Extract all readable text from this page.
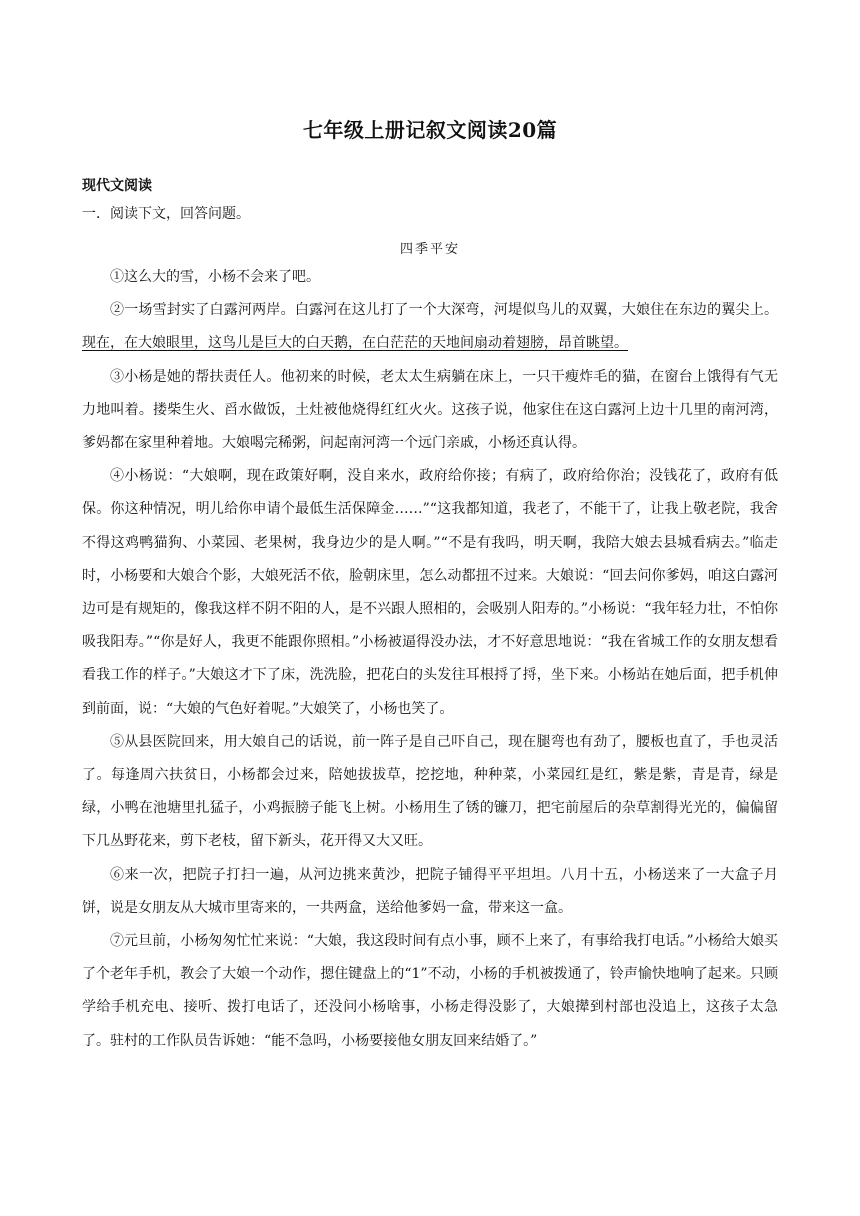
七年级上册记叙文阅读20篇
现代文阅读
一．阅读下文，回答问题。
四季平安

①这么大的雪，小杨不会来了吧。

②一场雪封实了白露河两岸。白露河在这儿打了一个大深弯，河堤似鸟儿的双翼，大娘住在东边的翼尖上。现在，在大娘眼里，这鸟儿是巨大的白天鹅，在白茫茫的天地间扇动着翅膀，昂首眺望。

③小杨是她的帮扶责任人。他初来的时候，老太太生病躺在床上，一只干瘦炸毛的猫，在窗台上饿得有气无力地叫着。搂柴生火、舀水做饭，土灶被他烧得红红火火。这孩子说，他家住在这白露河上边十几里的南河湾，爹妈都在家里种着地。大娘喝完稀粥，问起南河湾一个远门亲戚，小杨还真认得。

④小杨说：“大娘啊，现在政策好啊，没自来水，政府给你接；有病了，政府给你治；没钱花了，政府有低保。你这种情况，明儿给你申请个最低生活保障金……”“这我都知道，我老了，不能干了，让我上敬老院，我舍不得这鸡鸭猫狗、小菜园、老果树，我身边少的是人啊。”“不是有我吗，明天啊，我陪大娘去县城看病去。”临走时，小杨要和大娘合个影，大娘死活不依，脸朝床里，怎么动都扭不过来。大娘说：“回去问你爹妈，咱这白露河边可是有规矩的，像我这样不阴不阳的人，是不兴跟人照相的，会吸别人阳寿的。”小杨说：“我年轻力壮，不怕你吸我阳寿。”“你是好人，我更不能跟你照相。”小杨被逼得没办法，才不好意思地说：“我在省城工作的女朋友想看看我工作的样子。”大娘这才下了床，洗洗脸，把花白的头发往耳根捋了捋，坐下来。小杨站在她后面，把手机伸到前面，说：“大娘的气色好着呢。”大娘笑了，小杨也笑了。

⑤从县医院回来，用大娘自己的话说，前一阵子是自己吓自己，现在腿弯也有劲了，腰板也直了，手也灵活了。每逢周六扶贫日，小杨都会过来，陪她拔拔草，挖挖地，种种菜，小菜园红是红，紫是紫，青是青，绿是绿，小鸭在池塘里扎猛子，小鸡振膀子能飞上树。小杨用生了锈的镰刀，把宅前屋后的杂草割得光光的，偏偏留下几丛野花来，剪下老枝，留下新头，花开得又大又旺。

⑥来一次，把院子打扫一遍，从河边挑来黄沙，把院子铺得平平坦坦。八月十五，小杨送来了一大盒子月饼，说是女朋友从大城市里寄来的，一共两盒，送给他爹妈一盒，带来这一盒。

⑦元旦前，小杨匆匆忙忙来说：“大娘，我这段时间有点小事，顾不上来了，有事给我打电话。”小杨给大娘买了个老年手机，教会了大娘一个动作，摁住键盘上的“1”不动，小杨的手机被拨通了，铃声愉快地响了起来。只顾学给手机充电、接听、拨打电话了，还没问小杨啥事，小杨走得没影了，大娘撵到村部也没追上，这孩子太急了。驻村的工作队员告诉她：“能不急吗，小杨要接他女朋友回来结婚了。”
